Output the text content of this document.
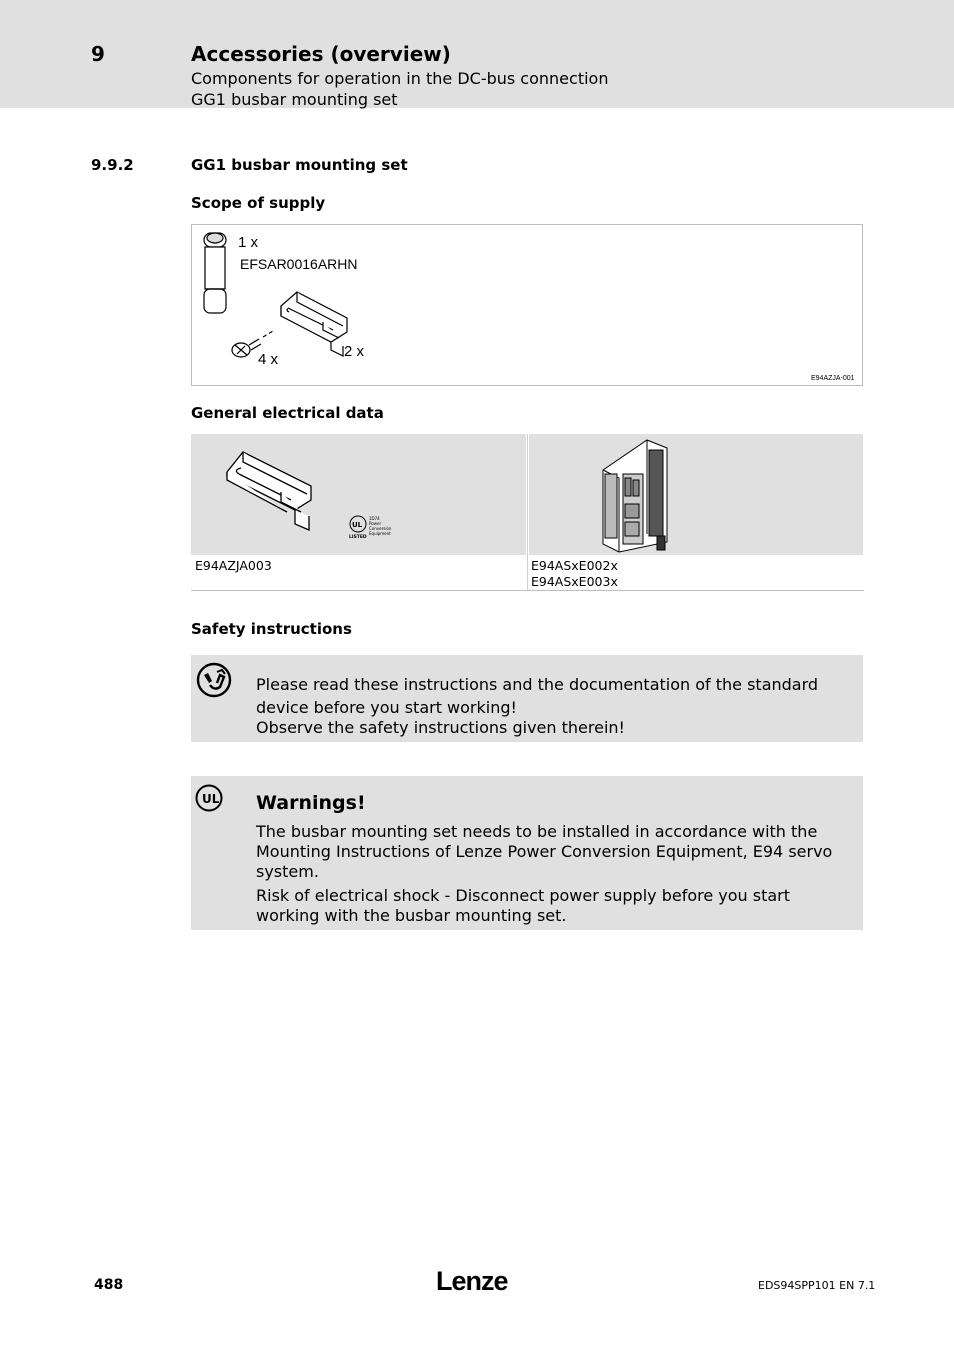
9	Accessories (overview)
Components for operation in the DC-bus connection
GG1 busbar mounting set
9.9.2	GG1 busbar mounting set
Scope of supply
1 x
EFSAR0016ARHN
4 x	2 x
E94AZJA-001
General electrical data
UL
LISTED
1D74
Power
Conversion
Equipment
E94AZJA003	E94ASxE002x
E94ASxE003x
Safety instructions
Please read these instructions and the documentation of the standard device before you start working!
Observe the safety instructions given therein!
UL Warnings!
The busbar mounting set needs to be installed in accordance with the Mounting Instructions of Lenze Power Conversion Equipment, E94 servo system.
Risk of electrical shock - Disconnect power supply before you start working with the busbar mounting set.
488	Lenze	EDS94SPP101 EN 7.1
